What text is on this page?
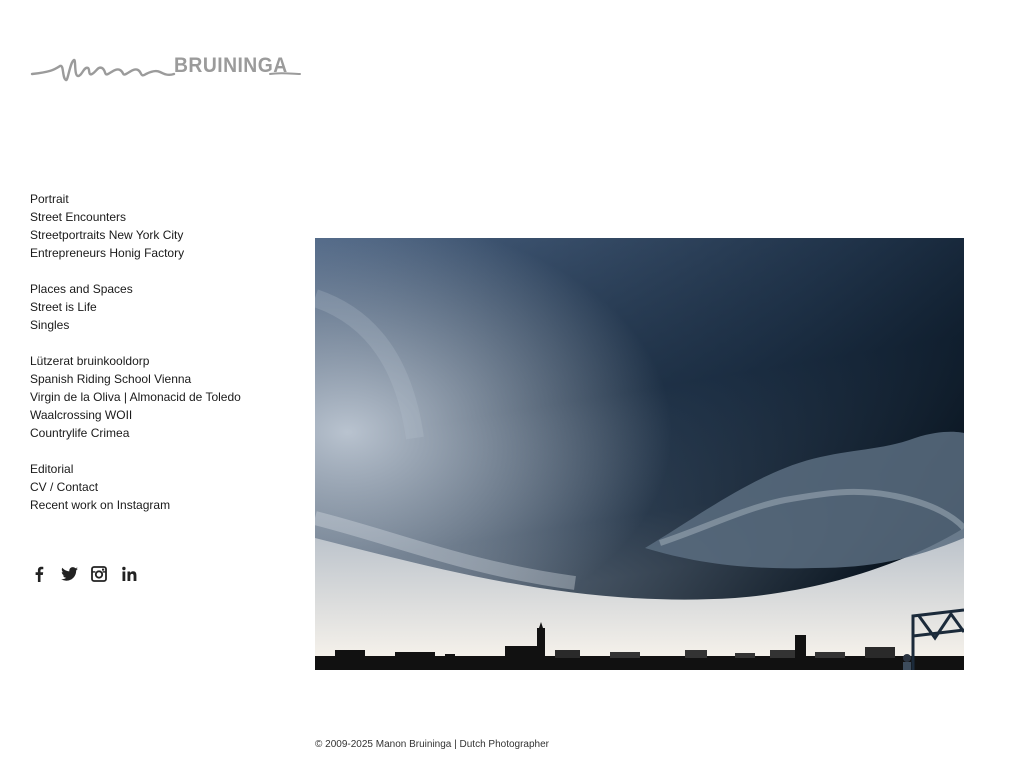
BRUININGA
Portrait
Street Encounters
Streetportraits New York City
Entrepreneurs Honig Factory
Places and Spaces
Street is Life
Singles
Lützerat bruinkooldorp
Spanish Riding School Vienna
Virgin de la Oliva | Almonacid de Toledo
Waalcrossing WOII
Countrylife Crimea
Editorial
CV / Contact
Recent work on Instagram
© 2009-2025 Manon Bruininga | Dutch Photographer
